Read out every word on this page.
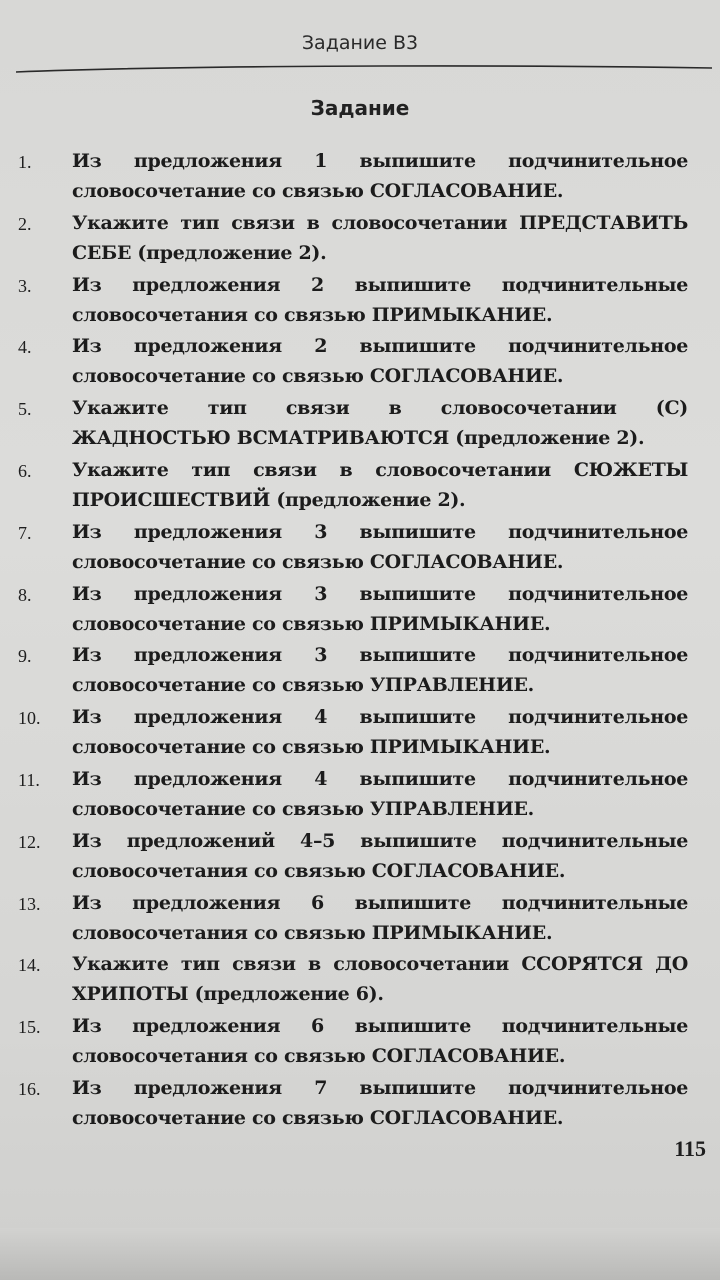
Задание В3
Задание
1. Из предложения 1 выпишите подчинительное словосочетание со связью СОГЛАСОВАНИЕ.
2. Укажите тип связи в словосочетании ПРЕДСТАВИТЬ СЕБЕ (предложение 2).
3. Из предложения 2 выпишите подчинительные словосочетания со связью ПРИМЫКАНИЕ.
4. Из предложения 2 выпишите подчинительное словосочетание со связью СОГЛАСОВАНИЕ.
5. Укажите тип связи в словосочетании (С) ЖАДНОСТЬЮ ВСМАТРИВАЮТСЯ (предложение 2).
6. Укажите тип связи в словосочетании СЮЖЕТЫ ПРОИСШЕСТВИЙ (предложение 2).
7. Из предложения 3 выпишите подчинительное словосочетание со связью СОГЛАСОВАНИЕ.
8. Из предложения 3 выпишите подчинительное словосочетание со связью ПРИМЫКАНИЕ.
9. Из предложения 3 выпишите подчинительное словосочетание со связью УПРАВЛЕНИЕ.
10. Из предложения 4 выпишите подчинительное словосочетание со связью ПРИМЫКАНИЕ.
11. Из предложения 4 выпишите подчинительное словосочетание со связью УПРАВЛЕНИЕ.
12. Из предложений 4–5 выпишите подчинительные словосочетания со связью СОГЛАСОВАНИЕ.
13. Из предложения 6 выпишите подчинительные словосочетания со связью ПРИМЫКАНИЕ.
14. Укажите тип связи в словосочетании ССОРЯТСЯ ДО ХРИПОТЫ (предложение 6).
15. Из предложения 6 выпишите подчинительные словосочетания со связью СОГЛАСОВАНИЕ.
16. Из предложения 7 выпишите подчинительное словосочетание со связью СОГЛАСОВАНИЕ.
115
